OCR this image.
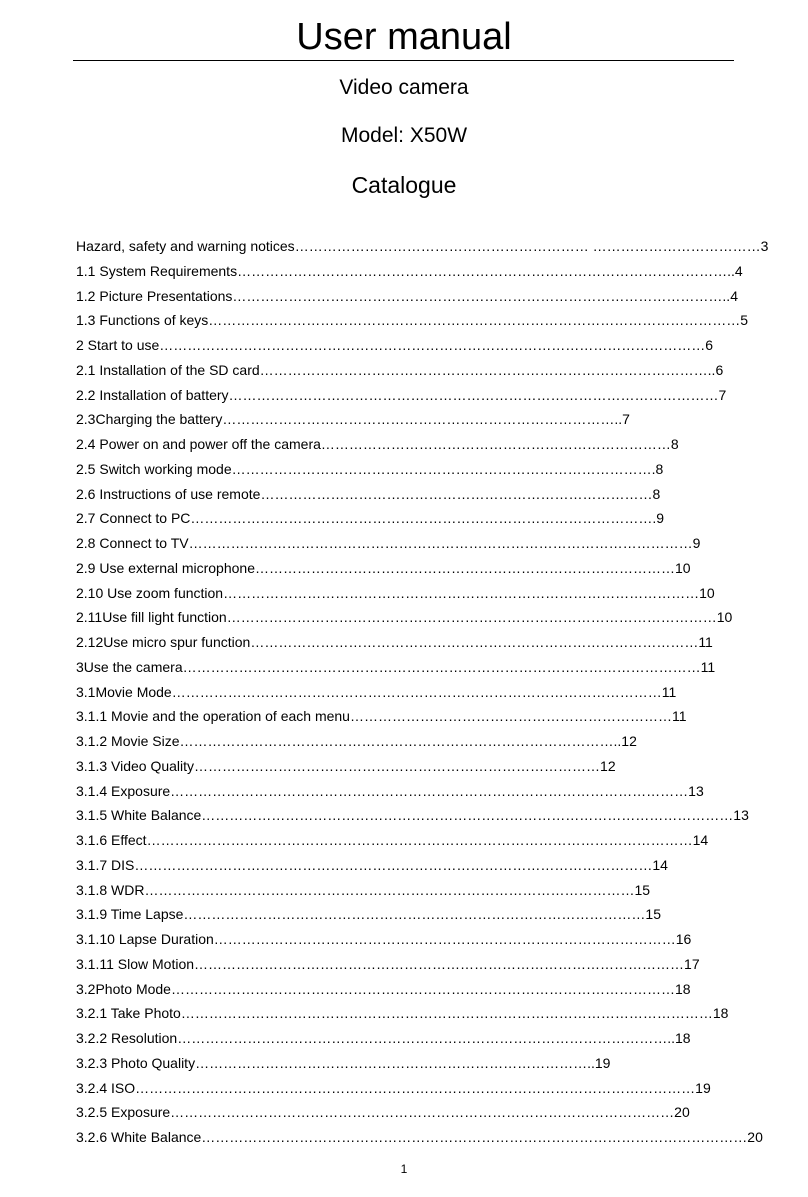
User manual
Video camera
Model: X50W
Catalogue
Hazard, safety and warning notices……………………………………………………… ………………………………3
1.1 System Requirements……………………………………………………………………………………………..4
1.2 Picture Presentations……………………………………………………………………………………………..4
1.3 Functions of keys……………………………………………………………………………………………………5
2 Start to use………………………………………………………………………………………………………6
2.1 Installation of the SD card……………………………………………………………………………………..6
2.2 Installation of battery……………………………………………………………………………………………7
2.3Charging the battery…………………………………………………………………………..7
2.4 Power on and power off the camera…………………………………………………………………8
2.5 Switch working mode……………………………………………………………………………….8
2.6 Instructions of use remote…………………………………………………………………………8
2.7 Connect to PC……………………………………………………………………………………….9
2.8 Connect to TV………………………………………………………………………………………………9
2.9 Use external microphone………………………………………………………………………………10
2.10 Use zoom function…………………………………………………………………………………………10
2.11Use fill light function……………………………………………………………………………………………10
2.12Use micro spur function……………………………………………………………………………………11
3Use the camera…………………………………………………………………………………………………11
3.1Movie Mode……………………………………………………………………………………………11
3.1.1 Movie and the operation of each menu……………………………………………………………11
3.1.2 Movie Size…………………………………………………………………………………..12
3.1.3 Video Quality……………………………………………………………………………12
3.1.4 Exposure…………………………………………………………………………………………………13
3.1.5 White Balance……………………………………………………………………………………………………13
3.1.6 Effect………………………………………………………………………………………………………14
3.1.7 DIS…………………………………………………………………………………………………14
3.1.8 WDR……………………………………………………………………………………………15
3.1.9 Time Lapse………………………………………………………………………………………15
3.1.10 Lapse Duration………………………………………………………………………………………16
3.1.11 Slow Motion……………………………………………………………………………………………17
3.2Photo Mode………………………………………………………………………………………………18
3.2.1 Take Photo……………………………………………………………………………………………………18
3.2.2 Resolution……………………………………………………………………………………………..18
3.2.3 Photo Quality…………………………………………………………………………..19
3.2.4 ISO…………………………………………………………………………………………………………19
3.2.5 Exposure………………………………………………………………………………………………20
3.2.6 White Balance………………………………………………………………………………………………………20
1
